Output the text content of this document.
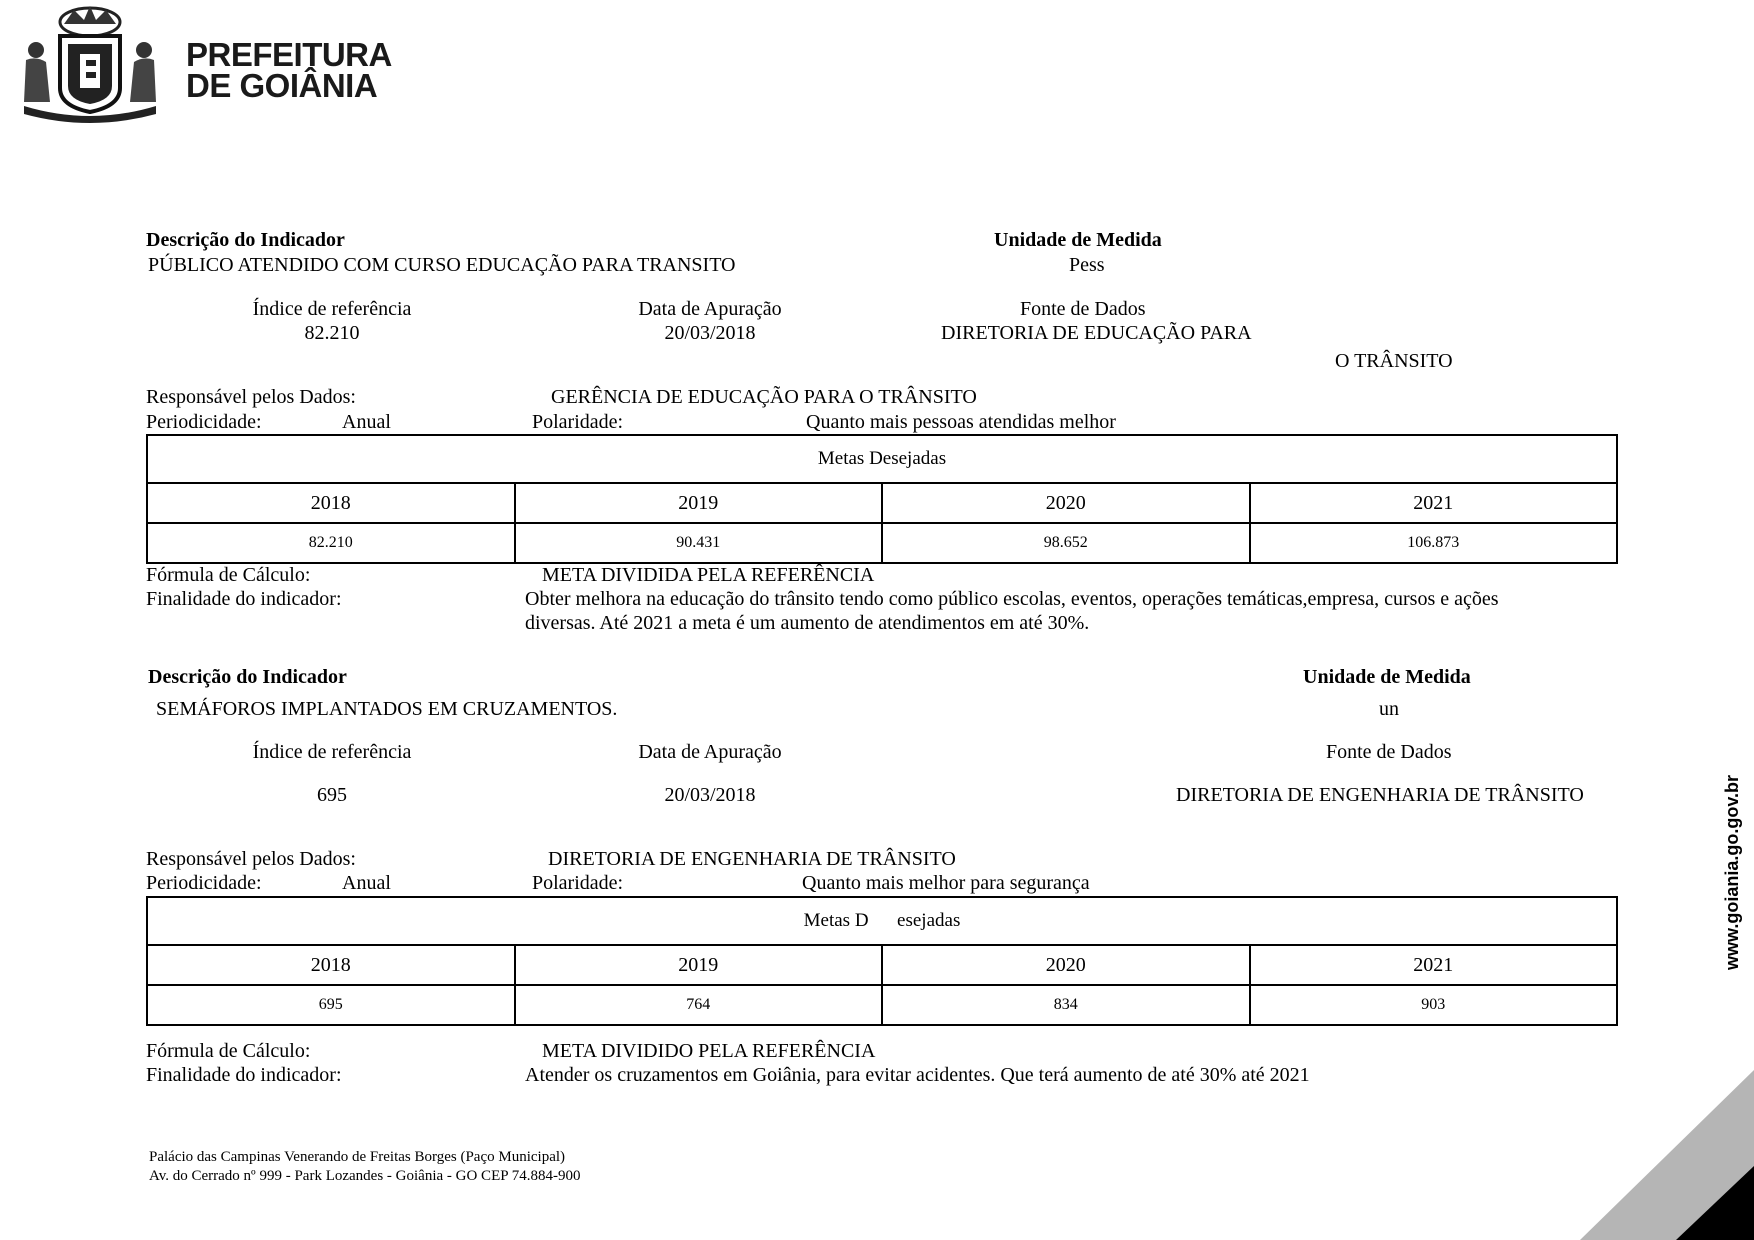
PREFEITURA
DE GOIÂNIA
Descrição do Indicador
PÚBLICO ATENDIDO COM CURSO EDUCAÇÃO PARA TRANSITO
Unidade de Medida
Pess
Índice de referência
82.210
Data de Apuração
20/03/2018
Fonte de Dados
DIRETORIA DE EDUCAÇÃO PARA
O TRÂNSITO
Responsável pelos Dados:	GERÊNCIA DE EDUCAÇÃO PARA O TRÂNSITO
Periodicidade:	Anual	Polaridade:	Quanto mais pessoas atendidas melhor
Metas Desejadas
2018	2019	2020	2021
82.210	90.431	98.652	106.873
Fórmula de Cálculo:	META DIVIDIDA PELA REFERÊNCIA
Finalidade do indicador:	Obter melhora na educação do trânsito tendo como público escolas, eventos, operações temáticas,empresa, cursos e ações
diversas. Até 2021 a meta é um aumento de atendimentos em até 30%.
Descrição do Indicador
SEMÁFOROS IMPLANTADOS EM CRUZAMENTOS.
Unidade de Medida
un
Índice de referência
695
Data de Apuração
20/03/2018
Fonte de Dados
DIRETORIA DE ENGENHARIA DE TRÂNSITO
Responsável pelos Dados:	DIRETORIA DE ENGENHARIA DE TRÂNSITO
Periodicidade:	Anual	Polaridade:	Quanto mais melhor para segurança
Metas D      esejadas
2018	2019	2020	2021
695	764	834	903
Fórmula de Cálculo:	META DIVIDIDO PELA REFERÊNCIA
Finalidade do indicador:	Atender os cruzamentos em Goiânia, para evitar acidentes. Que terá aumento de até 30% até 2021
Palácio das Campinas Venerando de Freitas Borges (Paço Municipal)
Av. do Cerrado nº 999 - Park Lozandes - Goiânia - GO CEP 74.884-900
www.goiania.go.gov.br
